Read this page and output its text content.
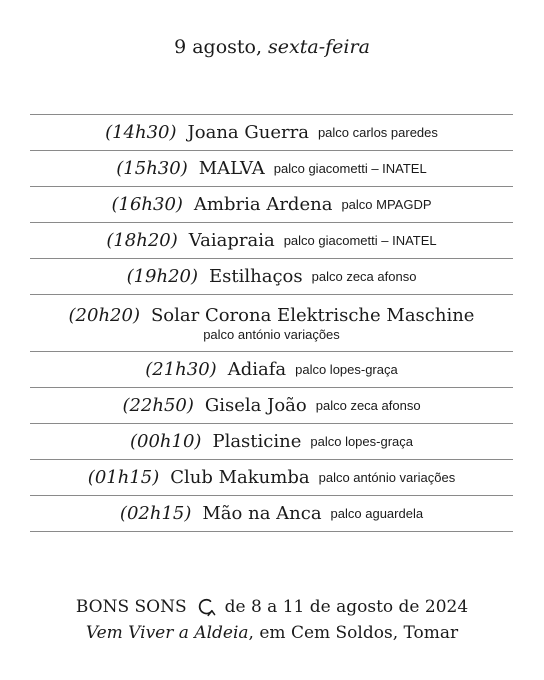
9 agosto, sexta-feira
(14h30) Joana Guerra palco carlos paredes
(15h30) MALVA palco giacometti – INATEL
(16h30) Ambria Ardena palco MPAGDP
(18h20) Vaiapraia palco giacometti – INATEL
(19h20) Estilhaços palco zeca afonso
(20h20) Solar Corona Elektrische Maschine
palco antónio variações
(21h30) Adiafa palco lopes-graça
(22h50) Gisela João palco zeca afonso
(00h10) Plasticine palco lopes-graça
(01h15) Club Makumba palco antónio variações
(02h15) Mão na Anca palco aguardela
BONS SONS de 8 a 11 de agosto de 2024
Vem Viver a Aldeia , em Cem Soldos, Tomar
